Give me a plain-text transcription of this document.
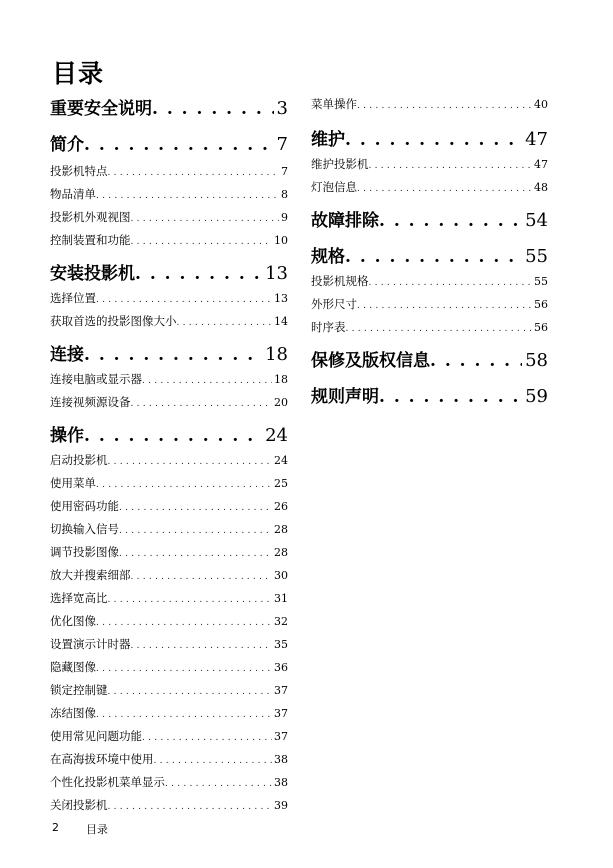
目录
重要安全说明 . . .	3
简介 . . .	7
投影机特点 . . .	7
物品清单 . . .	8
投影机外观视图 . . .	9
控制装置和功能 . . .	10
安装投影机 . . .	13
选择位置 . . .	13
获取首选的投影图像大小 . . .	14
连接 . . .	18
连接电脑或显示器 . . .	18
连接视频源设备 . . .	20
操作 . . .	24
启动投影机 . . .	24
使用菜单 . . .	25
使用密码功能 . . .	26
切换输入信号 . . .	28
调节投影图像 . . .	28
放大并搜索细部 . . .	30
选择宽高比 . . .	31
优化图像 . . .	32
设置演示计时器 . . .	35
隐藏图像 . . .	36
锁定控制键 . . .	37
冻结图像 . . .	37
使用常见问题功能 . . .	37
在高海拔环境中使用 . . .	38
个性化投影机菜单显示 . . .	38
关闭投影机 . . .	39
菜单操作 . . .	40
维护 . . .	47
维护投影机 . . .	47
灯泡信息 . . .	48
故障排除 . . .	54
规格 . . .	55
投影机规格 . . .	55
外形尺寸 . . .	56
时序表 . . .	56
保修及版权信息 . . .	58
规则声明 . . .	59
2 目录
